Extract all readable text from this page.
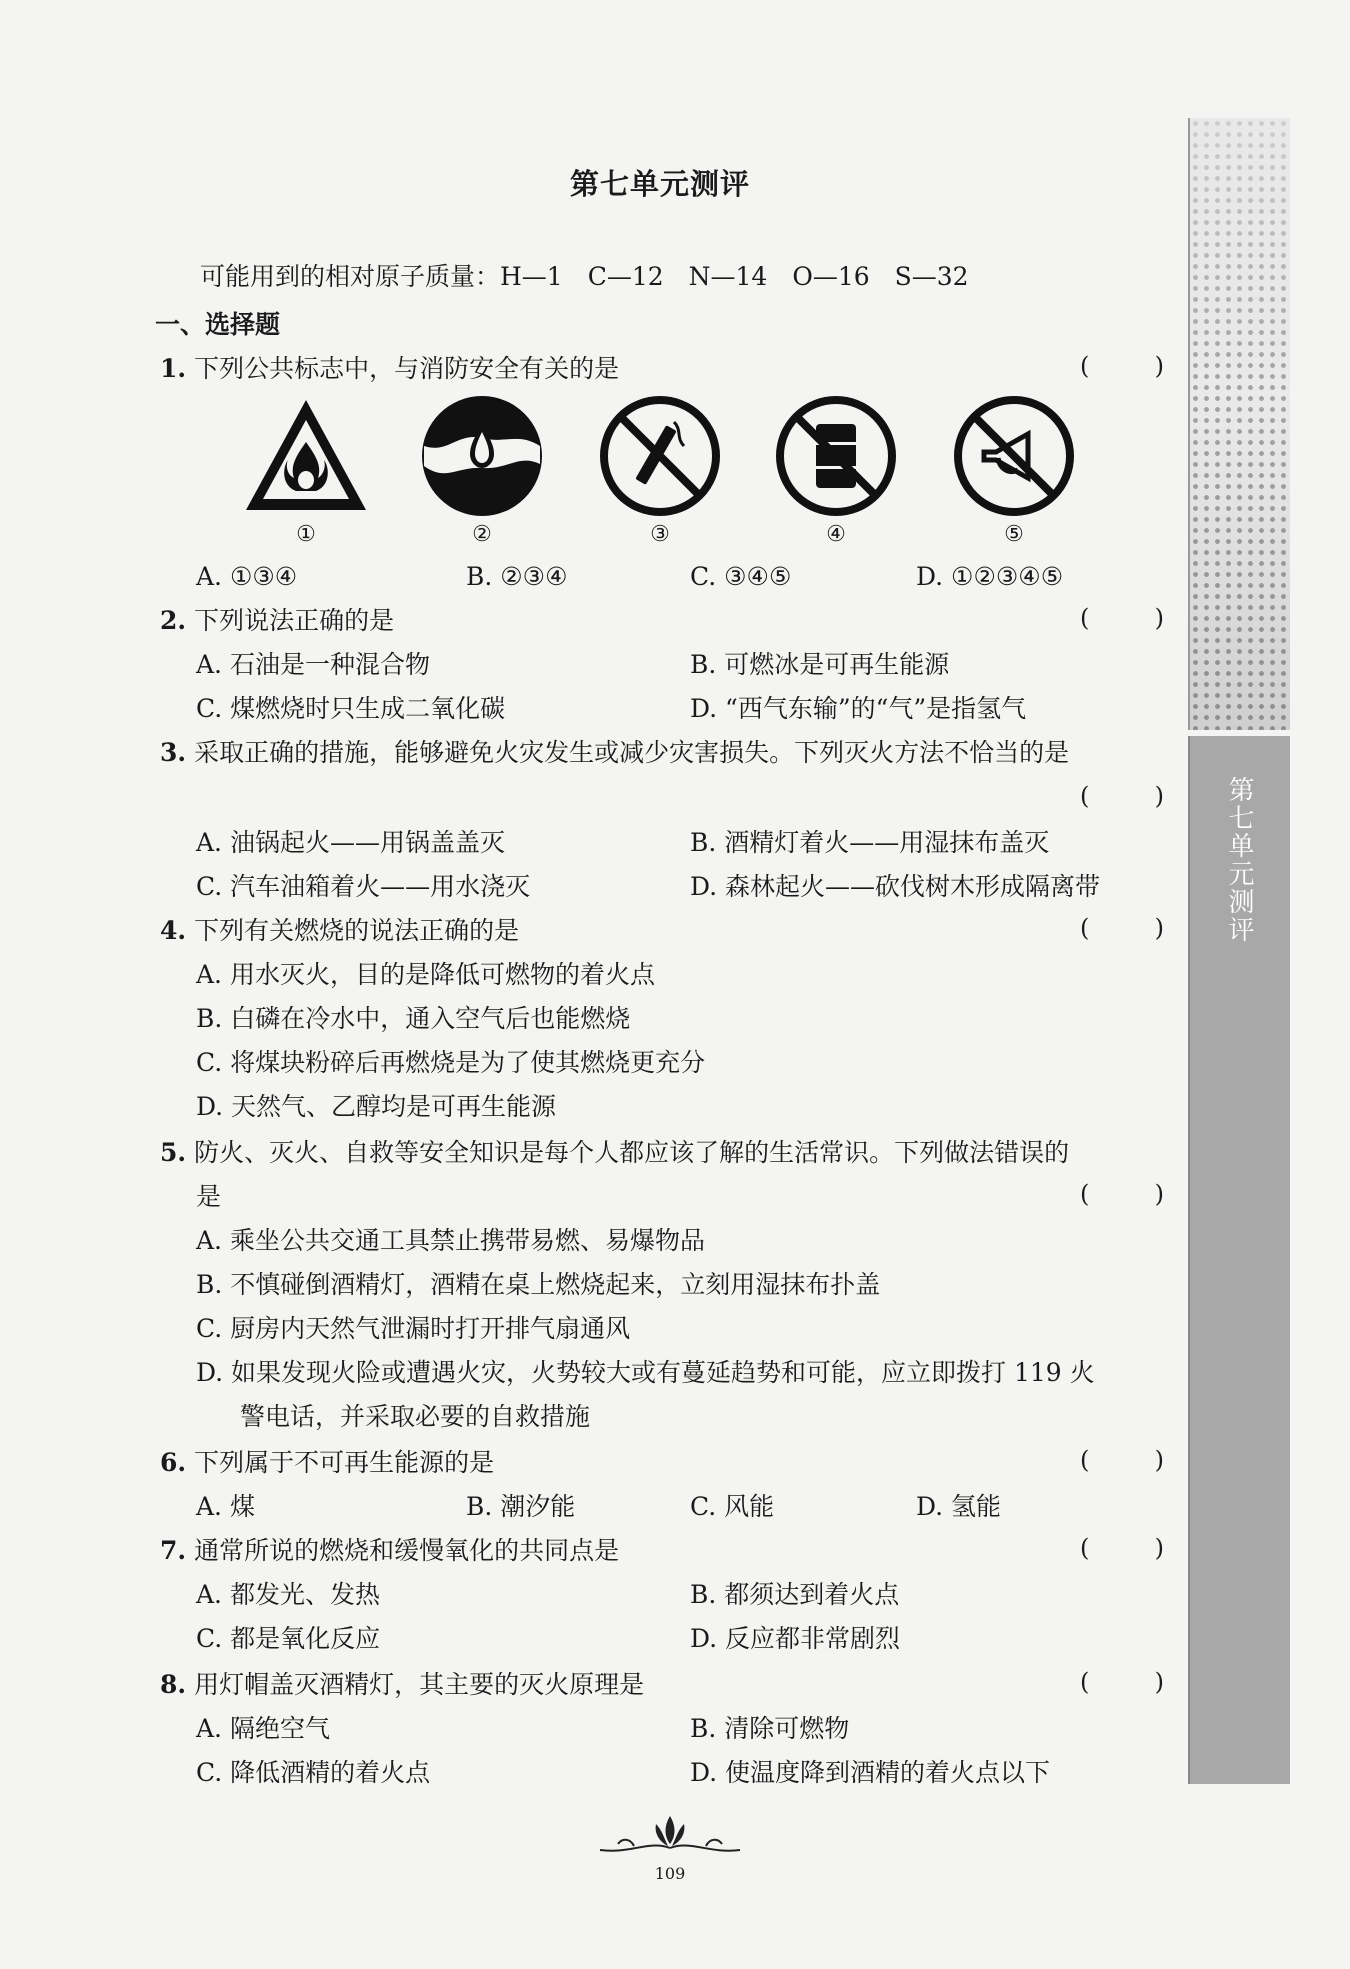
第七单元测评
第七单元测评
可能用到的相对原子质量：H—1　C—12　N—14　O—16　S—32
一、选择题
1. 下列公共标志中，与消防安全有关的是	(	)
①	②	③	④	⑤
A. ①③④	B. ②③④	C. ③④⑤	D. ①②③④⑤
2. 下列说法正确的是	(	)
A. 石油是一种混合物	B. 可燃冰是可再生能源
C. 煤燃烧时只生成二氧化碳	D. “西气东输”的“气”是指氢气
3. 采取正确的措施，能够避免火灾发生或减少灾害损失。下列灭火方法不恰当的是
(	)
A. 油锅起火——用锅盖盖灭	B. 酒精灯着火——用湿抹布盖灭
C. 汽车油箱着火——用水浇灭	D. 森林起火——砍伐树木形成隔离带
4. 下列有关燃烧的说法正确的是	(	)
A. 用水灭火，目的是降低可燃物的着火点
B. 白磷在冷水中，通入空气后也能燃烧
C. 将煤块粉碎后再燃烧是为了使其燃烧更充分
D. 天然气、乙醇均是可再生能源
5. 防火、灭火、自救等安全知识是每个人都应该了解的生活常识。下列做法错误的
是	(	)
A. 乘坐公共交通工具禁止携带易燃、易爆物品
B. 不慎碰倒酒精灯，酒精在桌上燃烧起来，立刻用湿抹布扑盖
C. 厨房内天然气泄漏时打开排气扇通风
D. 如果发现火险或遭遇火灾，火势较大或有蔓延趋势和可能，应立即拨打 119 火
警电话，并采取必要的自救措施
6. 下列属于不可再生能源的是	(	)
A. 煤	B. 潮汐能	C. 风能	D. 氢能
7. 通常所说的燃烧和缓慢氧化的共同点是	(	)
A. 都发光、发热	B. 都须达到着火点
C. 都是氧化反应	D. 反应都非常剧烈
8. 用灯帽盖灭酒精灯，其主要的灭火原理是	(	)
A. 隔绝空气	B. 清除可燃物
C. 降低酒精的着火点	D. 使温度降到酒精的着火点以下
109
